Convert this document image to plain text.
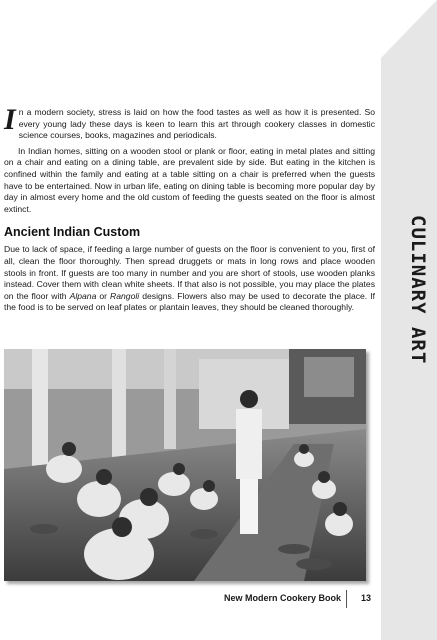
CULINARY ART

In a modern society, stress is laid on how the food tastes as well as how it is presented. So every young lady these days is keen to learn this art through cookery classes in domestic science courses, books, magazines and periodicals.

In Indian homes, sitting on a wooden stool or plank or floor, eating in metal plates and sitting on a chair and eating on a dining table, are prevalent side by side. But eating in the kitchen is confined within the family and eating at a table sitting on a chair is preferred when the guests have to be entertained. Now in urban life, eating on dining table is becoming more popular day by day in almost every home and the old custom of feeding the guests seated on the floor is almost extinct.

Ancient Indian Custom

Due to lack of space, if feeding a large number of guests on the floor is convenient to you, first of all, clean the floor thoroughly. Then spread druggets or mats in long rows and place wooden stools in front. If guests are too many in number and you are short of stools, use wooden planks instead. Cover them with clean white sheets. If that also is not possible, you may place the plates on the floor with Alpana or Rangoli designs. Flowers also may be used to decorate the place. If the food is to be served on leaf plates or plantain leaves, they should be cleaned thoroughly.

New Modern Cookery Book 13
